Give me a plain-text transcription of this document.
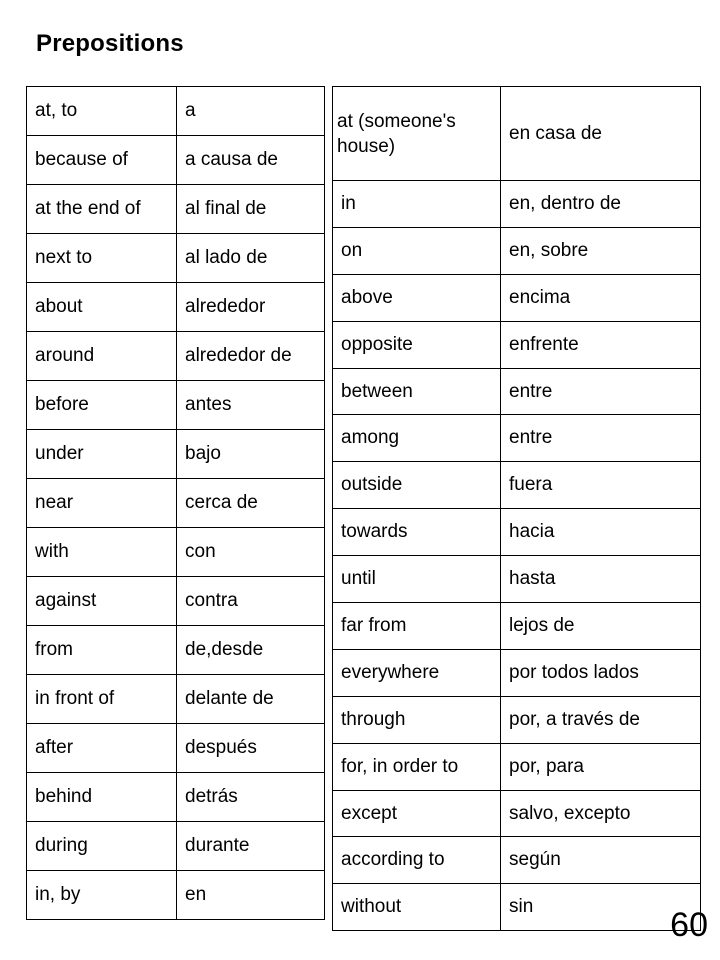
Prepositions
at, to	a
because of	a causa de
at the end of	al final de
next to	al lado de
about	alrededor
around	alrededor de
before	antes
under	bajo
near	cerca de
with	con
against	contra
from	de,desde
in front of	delante de
after	después
behind	detrás
during	durante
in, by	en
at (someone's house)	en casa de
in	en, dentro de
on	en, sobre
above	encima
opposite	enfrente
between	entre
among	entre
outside	fuera
towards	hacia
until	hasta
far from	lejos de
everywhere	por todos lados
through	por, a través de
for, in order to	por, para
except	salvo, excepto
according to	según
without	sin	60
